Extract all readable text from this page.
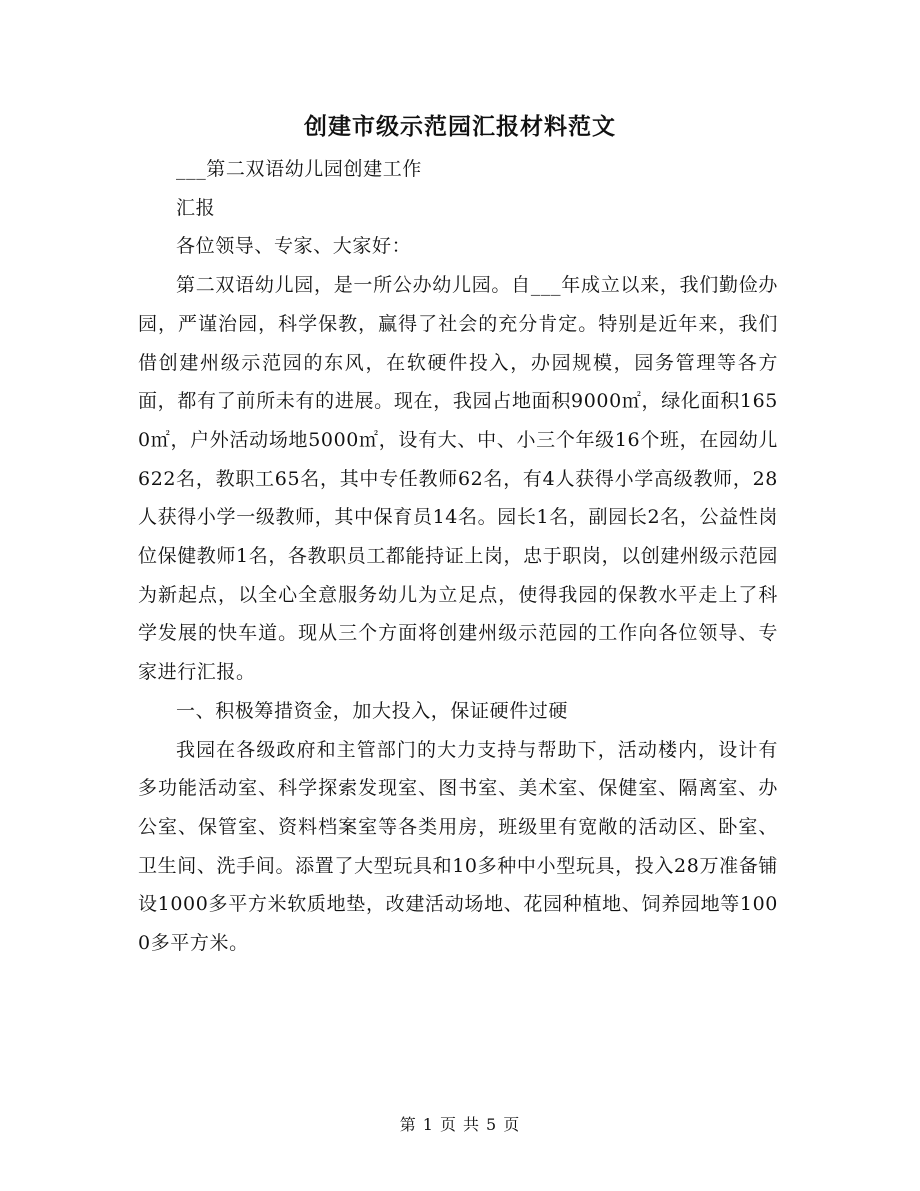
创建市级示范园汇报材料范文

___第二双语幼儿园创建工作

汇报

各位领导、专家、大家好：

第二双语幼儿园，是一所公办幼儿园。自___年成立以来，我们勤俭办园，严谨治园，科学保教，赢得了社会的充分肯定。特别是近年来，我们借创建州级示范园的东风，在软硬件投入，办园规模，园务管理等各方面，都有了前所未有的进展。现在，我园占地面积9000㎡，绿化面积1650㎡，户外活动场地5000㎡，设有大、中、小三个年级16个班，在园幼儿622名，教职工65名，其中专任教师62名，有4人获得小学高级教师，28人获得小学一级教师，其中保育员14名。园长1名，副园长2名，公益性岗位保健教师1名，各教职员工都能持证上岗，忠于职岗，以创建州级示范园为新起点，以全心全意服务幼儿为立足点，使得我园的保教水平走上了科学发展的快车道。现从三个方面将创建州级示范园的工作向各位领导、专家进行汇报。

一、积极筹措资金，加大投入，保证硬件过硬

我园在各级政府和主管部门的大力支持与帮助下，活动楼内，设计有多功能活动室、科学探索发现室、图书室、美术室、保健室、隔离室、办公室、保管室、资料档案室等各类用房，班级里有宽敞的活动区、卧室、卫生间、洗手间。添置了大型玩具和10多种中小型玩具，投入28万准备铺设1000多平方米软质地垫，改建活动场地、花园种植地、饲养园地等1000多平方米。

第 1 页 共 5 页
